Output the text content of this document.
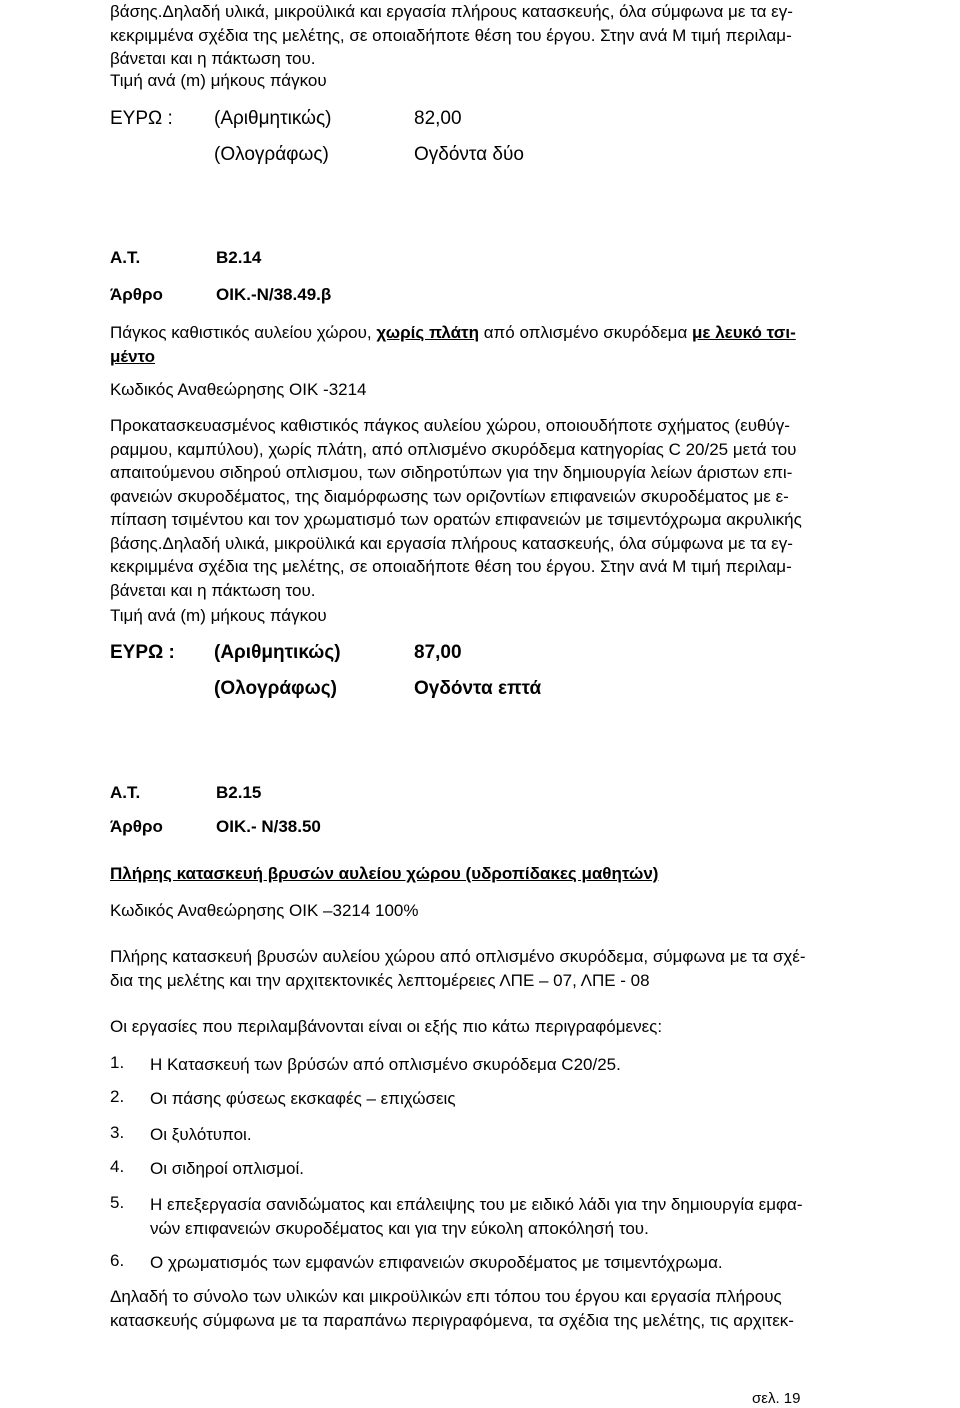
βάσης.Δηλαδή υλικά, μικροϋλικά και εργασία πλήρους κατασκευής, όλα σύμφωνα με τα εγ-
κεκριμμένα σχέδια της μελέτης, σε οποιαδήποτε θέση του έργου. Στην ανά Μ τιμή περιλαμ-
βάνεται και η πάκτωση του.
Τιμή ανά (m) μήκους πάγκου
ΕΥΡΩ : (Αριθμητικώς)	82,00
(Ολογράφως)	Ογδόντα δύο
Α.Τ.	Β2.14
Άρθρο	ΟΙΚ.-Ν/38.49.β
Πάγκος καθιστικός αυλείου χώρου, χωρίς πλάτη από οπλισμένο σκυρόδεμα με λευκό τσι-
μέντο
Κωδικός Αναθεώρησης ΟΙΚ -3214
Προκατασκευασμένος καθιστικός πάγκος αυλείου χώρου, οποιουδήποτε σχήματος (ευθύγ-
ραμμου, καμπύλου), χωρίς πλάτη, από οπλισμένο σκυρόδεμα κατηγορίας C 20/25 μετά του
απαιτούμενου σιδηρού οπλισμου, των σιδηροτύπων για την δημιουργία λείων άριστων επι-
φανειών σκυροδέματος, της διαμόρφωσης των οριζοντίων επιφανειών σκυροδέματος με ε-
πίπαση τσιμέντου και τον χρωματισμό των ορατών επιφανειών με τσιμεντόχρωμα ακρυλικής
βάσης.Δηλαδή υλικά, μικροϋλικά και εργασία πλήρους κατασκευής, όλα σύμφωνα με τα εγ-
κεκριμμένα σχέδια της μελέτης, σε οποιαδήποτε θέση του έργου. Στην ανά Μ τιμή περιλαμ-
βάνεται και η πάκτωση του.
Τιμή ανά (m) μήκους πάγκου
ΕΥΡΩ : (Αριθμητικώς)	87,00
(Ολογράφως)	Ογδόντα επτά
Α.Τ.	Β2.15
Άρθρο	ΟΙΚ.- Ν/38.50
Πλήρης κατασκευή βρυσών αυλείου χώρου (υδροπίδακες μαθητών)
Κωδικός Αναθεώρησης ΟΙΚ –3214 100%
Πλήρης κατασκευή βρυσών αυλείου χώρου από οπλισμένο σκυρόδεμα, σύμφωνα με τα σχέ-
δια της μελέτης και την αρχιτεκτονικές λεπτομέρειες ΛΠΕ – 07, ΛΠΕ - 08
Οι εργασίες που περιλαμβάνονται είναι οι εξής πιο κάτω περιγραφόμενες:
1. Η Κατασκευή των βρύσών από οπλισμένο σκυρόδεμα C20/25.
2. Οι πάσης φύσεως εκσκαφές – επιχώσεις
3. Οι ξυλότυποι.
4. Οι σιδηροί οπλισμοί.
5. Η επεξεργασία σανιδώματος και επάλειψης του με ειδικό λάδι για την δημιουργία εμφα-
νών επιφανειών σκυροδέματος και για την εύκολη αποκόλησή του.
6. Ο χρωματισμός των εμφανών επιφανειών σκυροδέματος με τσιμεντόχρωμα.
Δηλαδή το σύνολο των υλικών και μικροϋλικών επι τόπου του έργου και εργασία πλήρους
κατασκευής σύμφωνα με τα παραπάνω περιγραφόμενα, τα σχέδια της μελέτης, τις αρχιτεκ-
σελ. 19
